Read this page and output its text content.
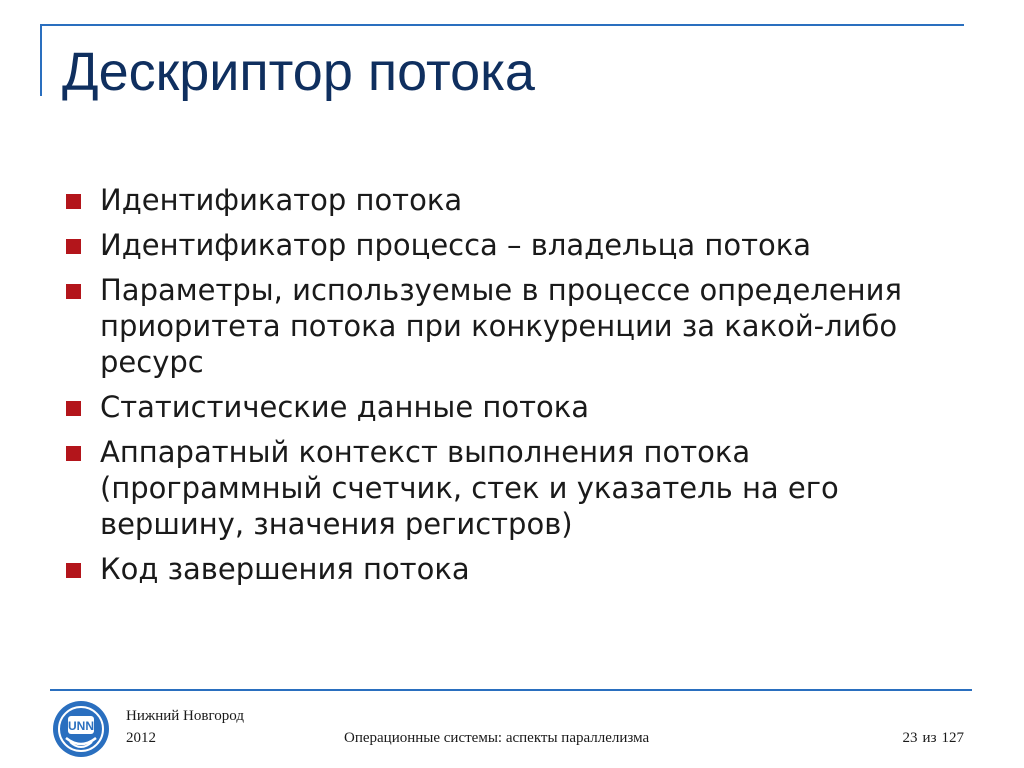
Дескриптор потока
Идентификатор потока
Идентификатор процесса – владельца потока
Параметры, используемые в процессе определения приоритета потока при конкуренции за какой-либо ресурс
Статистические данные потока
Аппаратный контекст выполнения потока (программный счетчик, стек и указатель на его вершину, значения регистров)
Код завершения потока
UNN
Нижний Новгород
2012	Операционные системы: аспекты параллелизма	23 из 127
